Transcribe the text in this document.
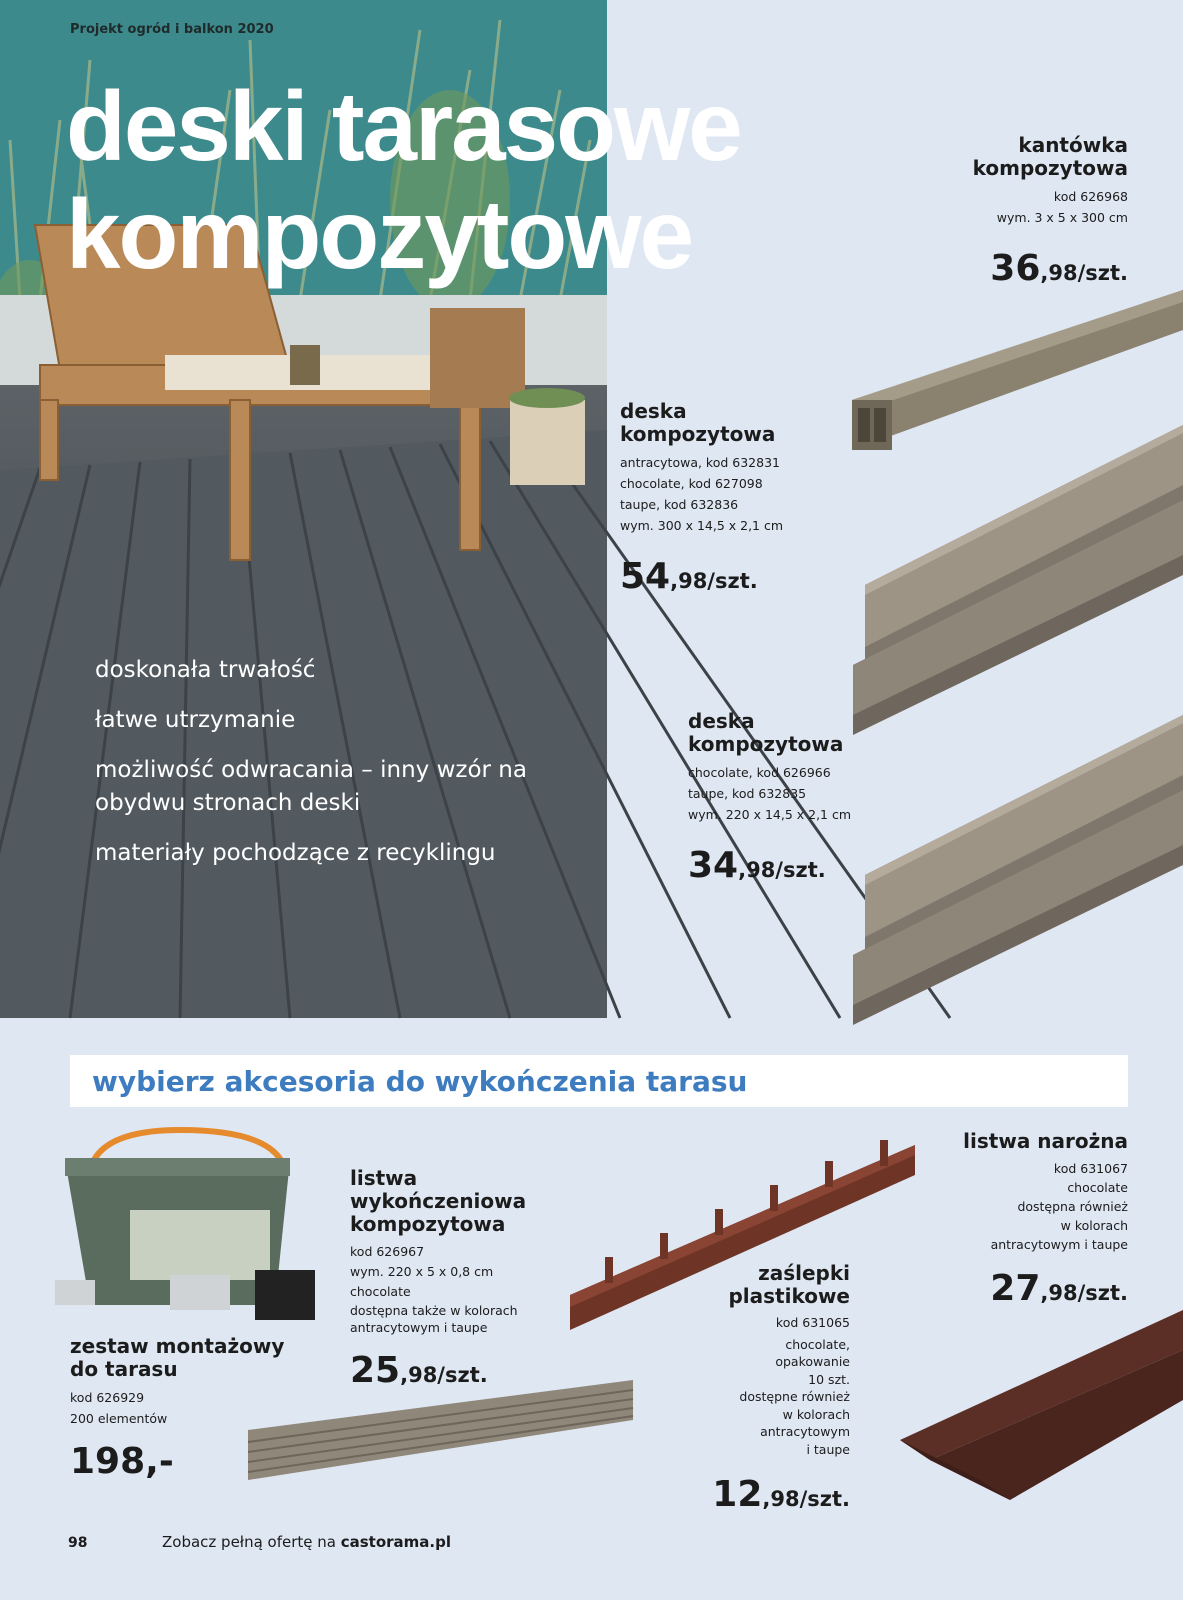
Projekt ogród i balkon 2020
deski tarasowe
kompozytowe
doskonała trwałość
łatwe utrzymanie
możliwość odwracania – inny wzór na obydwu stronach deski
materiały pochodzące z recyklingu
kantówka
kompozytowa
kod 626968
wym. 3 x 5 x 300 cm
36,98/szt.
deska
kompozytowa
antracytowa, kod 632831
chocolate, kod 627098
taupe, kod 632836
wym. 300 x 14,5 x 2,1 cm
54,98/szt.
deska
kompozytowa
chocolate, kod 626966
taupe, kod 632835
wym. 220 x 14,5 x 2,1 cm
34,98/szt.
wybierz akcesoria do wykończenia tarasu
zestaw montażowy
do tarasu
kod 626929
200 elementów
198,-
listwa
wykończeniowa
kompozytowa
kod 626967
wym. 220 x 5 x 0,8 cm
chocolate
dostępna także w kolorach
antracytowym i taupe
25,98/szt.
zaślepki
plastikowe
kod 631065
chocolate,
opakowanie
10 szt.
dostępne również
w kolorach
antracytowym
i taupe
12,98/szt.
listwa narożna
kod 631067
chocolate
dostępna również
w kolorach
antracytowym i taupe
27,98/szt.
98	Zobacz pełną ofertę na castorama.pl
